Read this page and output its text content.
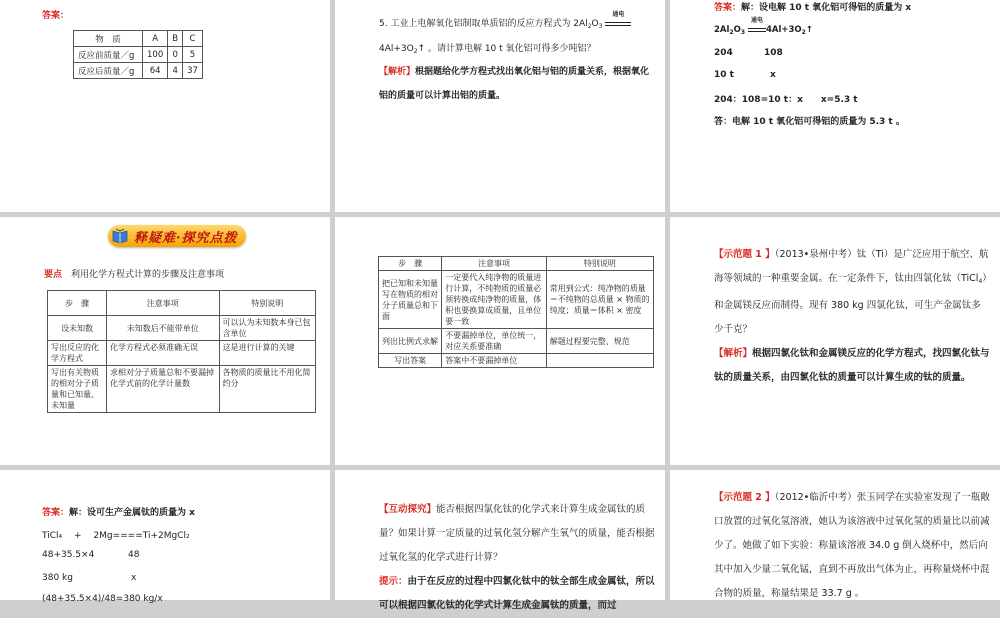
答案：
物　质	A	B	C
反应前质量／g	100	0	5
反应后质量／g	64	4	37
5. 工业上电解氧化铝制取单质铝的反应方程式为 $2Al_2O_3$
通电
$4Al+3O_2↑$ 。请计算电解 10 t 氧化铝可得多少吨铝？
【解析】根据题给化学方程式找出氧化铝与铝的质量关系，根据氧化铝的质量可以计算出铝的质量。
答案：解：设电解 10 t 氧化铝可得铝的质量为 x
$2Al_2O_3$
通电
$4Al+3O_2↑$
204	108
10 t	x
204：108=10 t：x　　x=5.3 t
答：电解 10 t 氧化铝可得铝的质量为 5.3 t 。
释疑难·探究点拨
要点　 利用化学方程式计算的步骤及注意事项
步　骤	注意事项	特别说明
设未知数	未知数后不能带单位	可以认为未知数本身已包含单位
写出反应的化学方程式	化学方程式必须准确无误	这是进行计算的关键
写出有关物质的相对分子质量和已知量、未知量	求相对分子质量总和不要漏掉化学式前的化学计量数	各物质的质量比不用化简约分
步　骤	注意事项	特别说明
把已知和未知量写在物质的相对分子质量总和下面	一定要代入纯净物的质量进行计算，不纯物质的质量必须转换成纯净物的质量，体积也要换算成质量，且单位要一致	常用到公式：纯净物的质量＝不纯物的总质量 × 物质的纯度；质量＝体积 × 密度
列出比例式求解	不要漏掉单位，单位统一，对应关系要准确	解题过程要完整、规范
写出答案	答案中不要漏掉单位	
【示范题 1 】（2013•泉州中考）钛（Ti）是广泛应用于航空、航海等领域的一种重要金属。在一定条件下，钛由四氯化钛（TiCl$_4$）和金属镁反应而制得。现有 380 kg 四氯化钛，可生产金属钛多少千克？
【解析】根据四氯化钛和金属镁反应的化学方程式，找四氯化钛与钛的质量关系，由四氯化钛的质量可以计算生成的钛的质量。
答案：解：设可生产金属钛的质量为 x
TiCl₄　 +　 2Mg====Ti+2MgCl₂
48+35.5×4	48
380 kg	x
(48+35.5×4)/48=380 kg/x
【互动探究】能否根据四氯化钛的化学式来计算生成金属钛的质量？如果计算一定质量的过氧化氢分解产生氧气的质量，能否根据过氧化氢的化学式进行计算？
提示：由于在反应的过程中四氯化钛中的钛全部生成金属钛，所以可以根据四氯化钛的化学式计算生成金属钛的质量，而过
【示范题 2 】（2012•临沂中考）张玉同学在实验室发现了一瓶敞口放置的过氧化氢溶液，她认为该溶液中过氧化氢的质量比以前减少了。她做了如下实验：称量该溶液 34.0 g 倒入烧杯中，然后向其中加入少量二氧化锰，直到不再放出气体为止，再称量烧杯中混合物的质量，称量结果是 33.7 g 。
